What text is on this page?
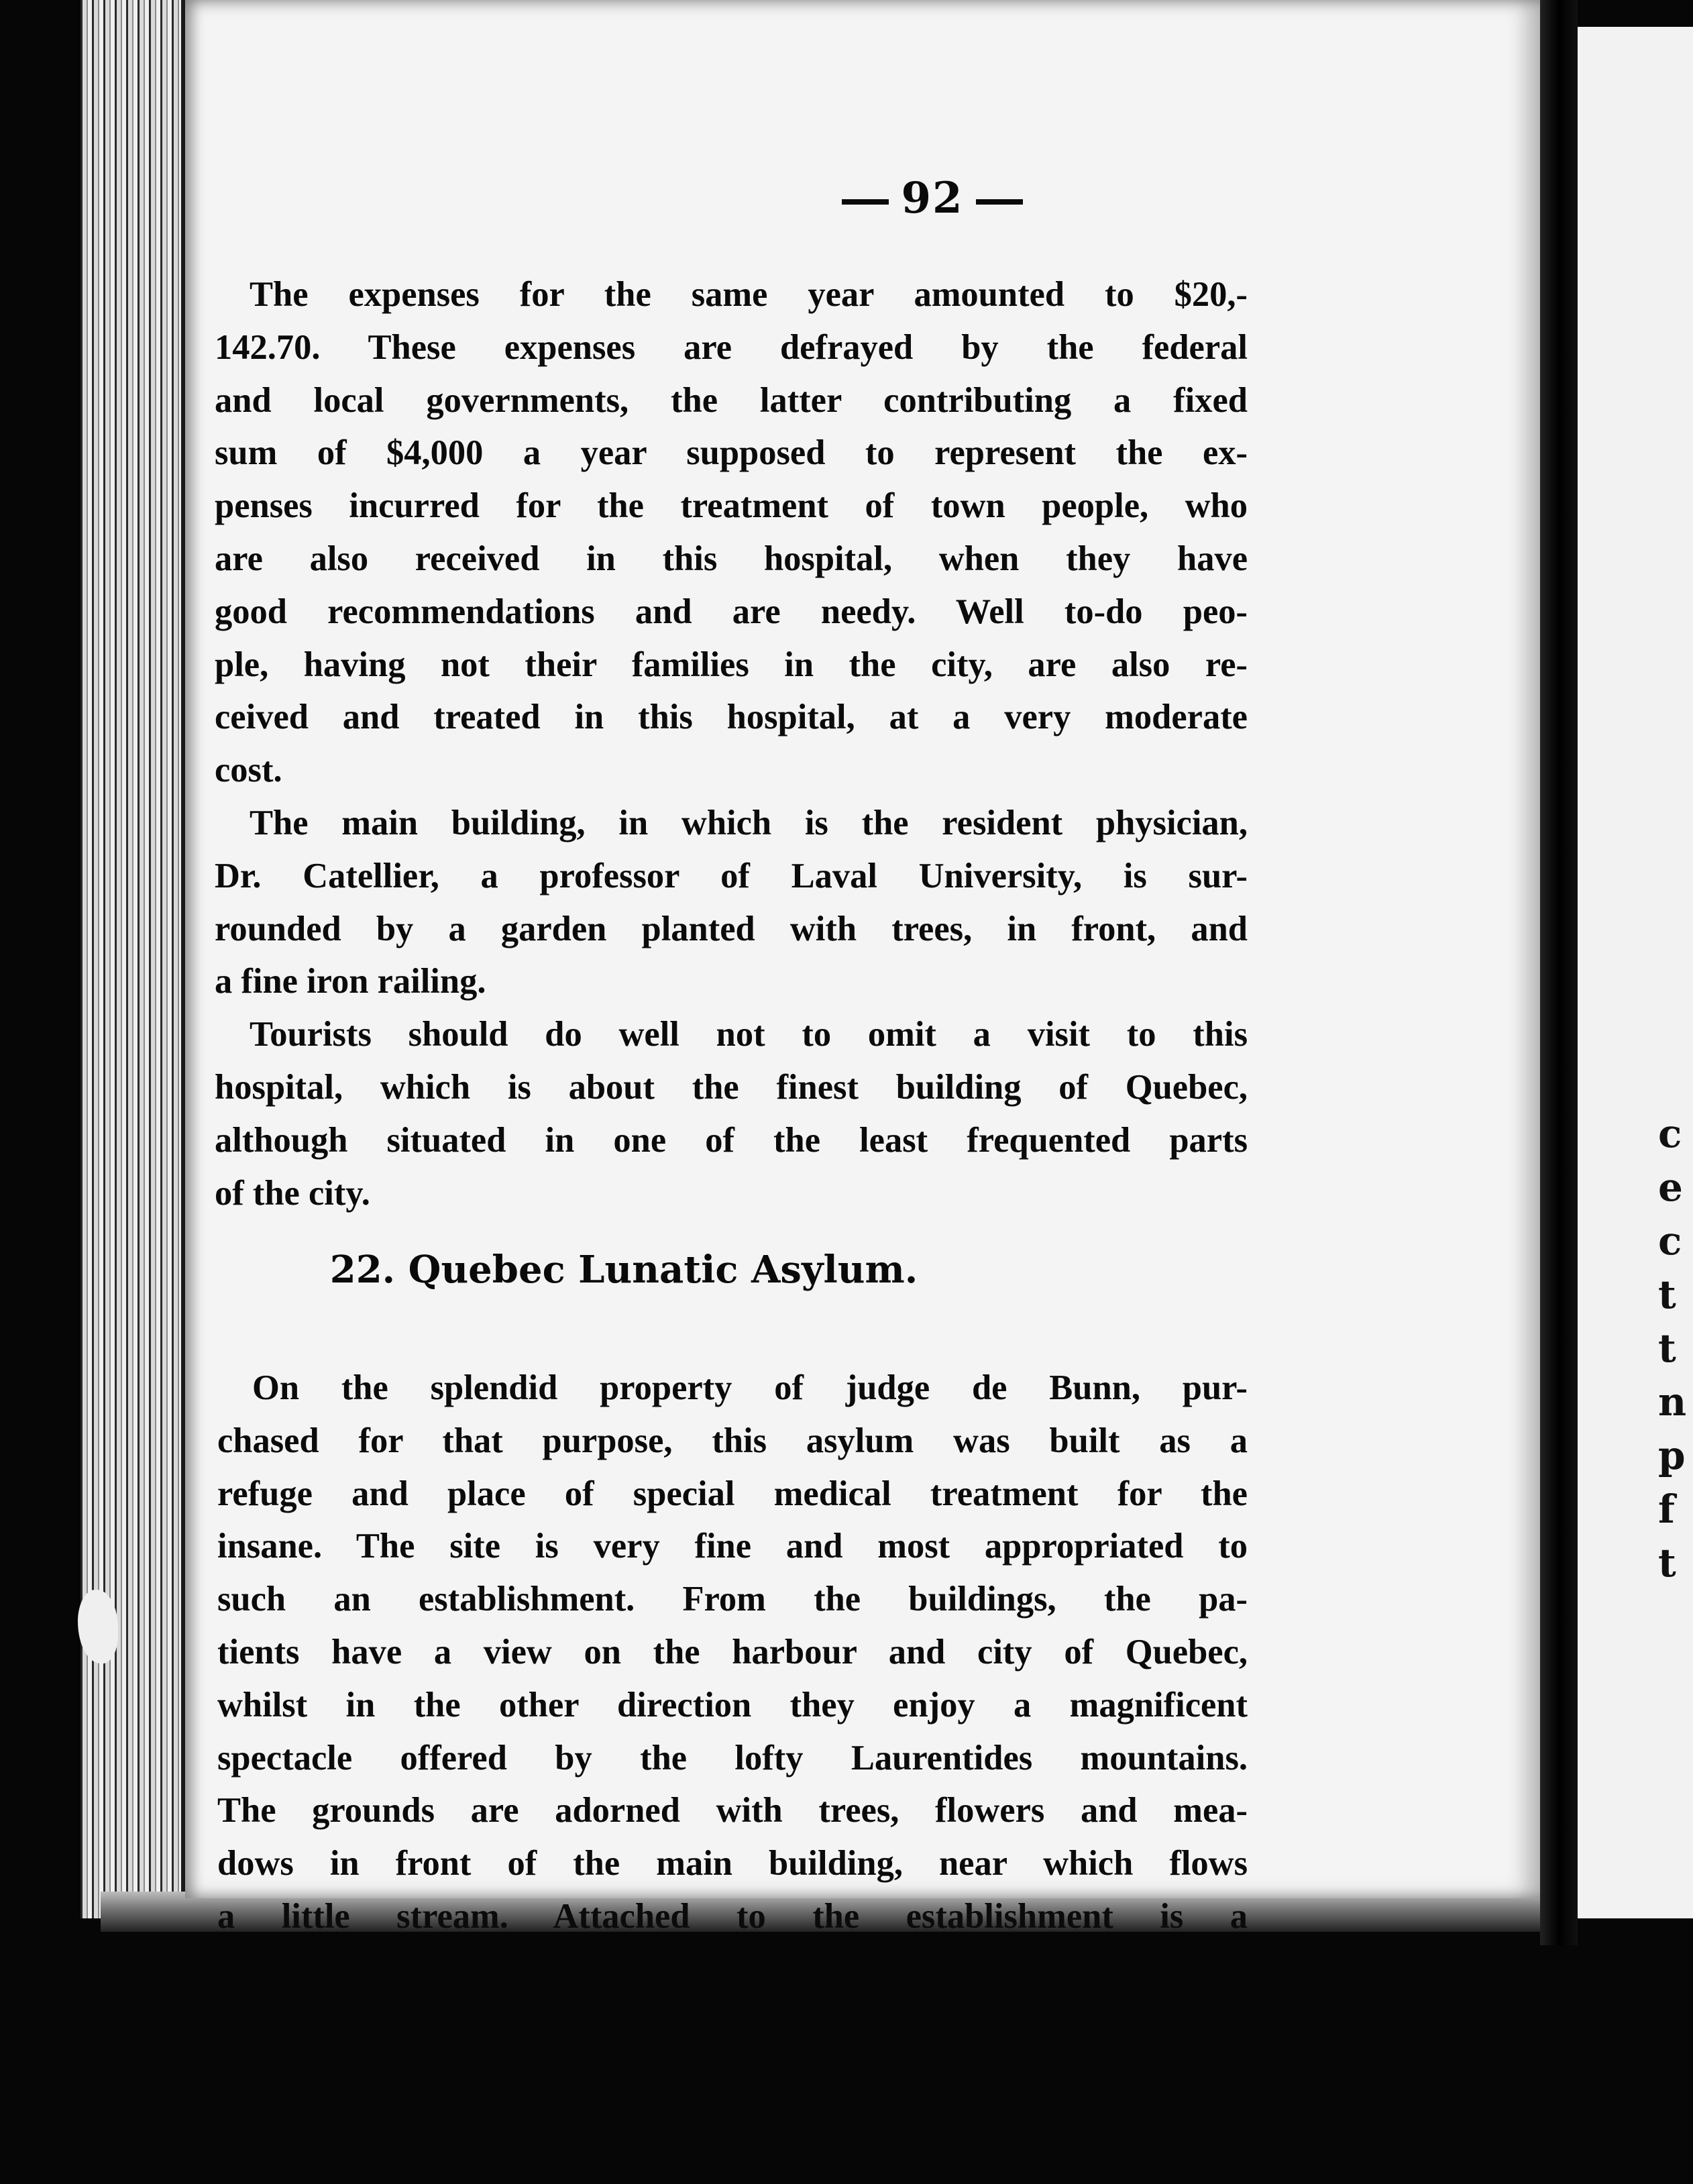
c
e
c
t
t
n
p
f
t
92
The expenses for the same year amounted to $20,-
142.70. These expenses are defrayed by the federal
and local governments, the latter contributing a fixed
sum of $4,000 a year supposed to represent the ex-
penses incurred for the treatment of town people, who
are also received in this hospital, when they have
good recommendations and are needy. Well to-do peo-
ple, having not their families in the city, are also re-
ceived and treated in this hospital, at a very moderate
cost.
The main building, in which is the resident physician,
Dr. Catellier, a professor of Laval University, is sur-
rounded by a garden planted with trees, in front, and
a fine iron railing.
Tourists should do well not to omit a visit to this
hospital, which is about the finest building of Quebec,
although situated in one of the least frequented parts
of the city.
22. Quebec Lunatic Asylum.
On the splendid property of judge de Bunn, pur-
chased for that purpose, this asylum was built as a
refuge and place of special medical treatment for the
insane. The site is very fine and most appropriated to
such an establishment. From the buildings, the pa-
tients have a view on the harbour and city of Quebec,
whilst in the other direction they enjoy a magnificent
spectacle offered by the lofty Laurentides mountains.
The grounds are adorned with trees, flowers and mea-
dows in front of the main building, near which flows
a little stream. Attached to the establishment is a
